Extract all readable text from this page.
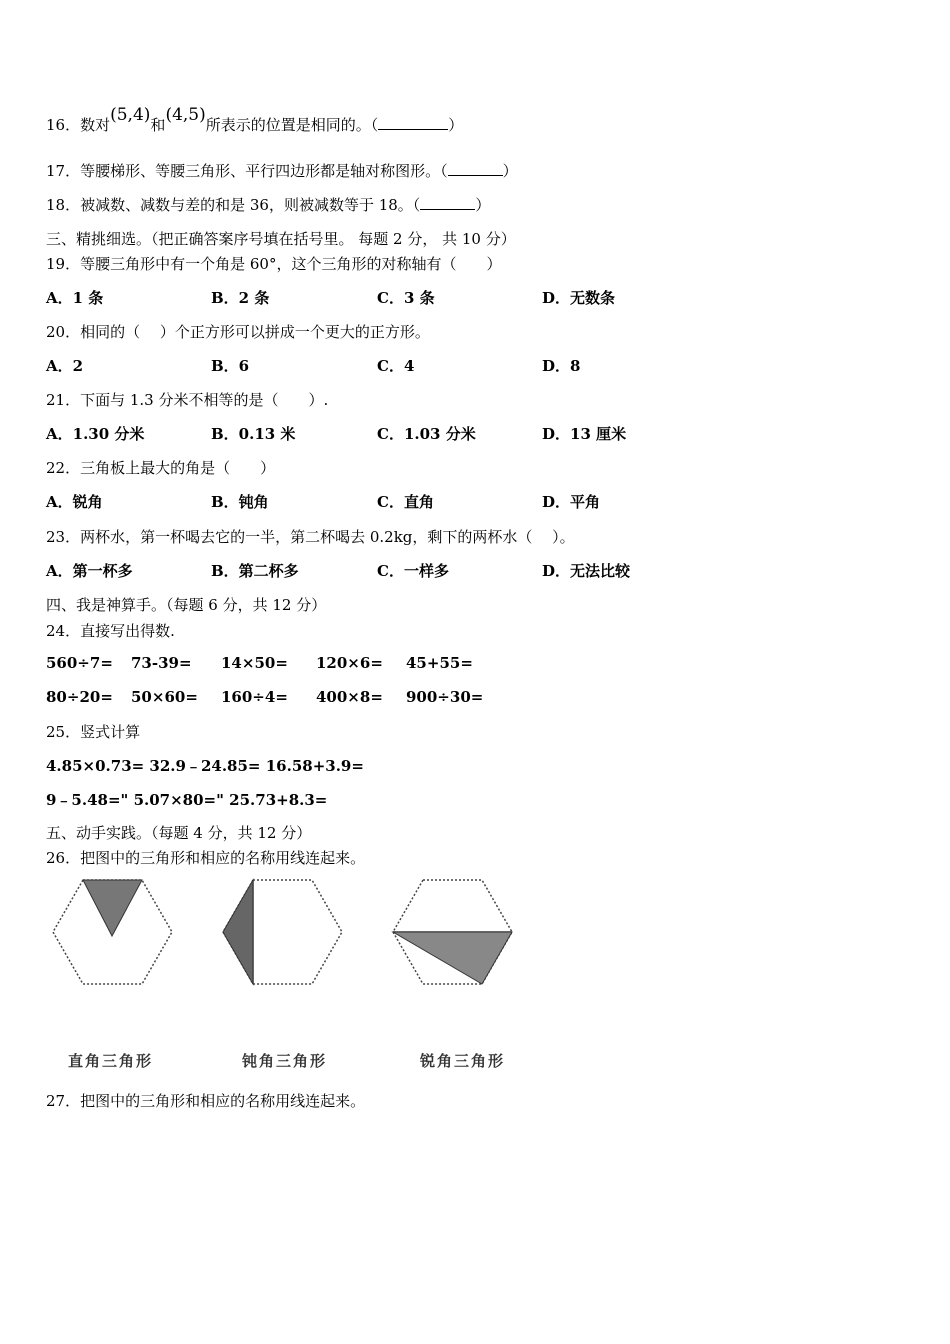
16．数对(5,4)和(4,5)所表示的位置是相同的。（	）
17．等腰梯形、等腰三角形、平行四边形都是轴对称图形。（	）
18．被减数、减数与差的和是 36，则被减数等于 18。（	）
三、精挑细选。（把正确答案序号填在括号里。 每题 2 分， 共 10 分）
19．等腰三角形中有一个角是 60°，这个三角形的对称轴有（　　）
A．1 条	B．2 条	C．3 条	D．无数条
20．相同的（　 ）个正方形可以拼成一个更大的正方形。
A．2	B．6	C．4	D．8
21．下面与 1.3 分米不相等的是（　　）.
A．1.30 分米	B．0.13 米	C．1.03 分米	D．13 厘米
22．三角板上最大的角是（　　）
A．锐角	B．钝角	C．直角	D．平角
23．两杯水，第一杯喝去它的一半，第二杯喝去 0.2kg，剩下的两杯水（　 ）。
A．第一杯多	B．第二杯多	C．一样多	D．无法比较
四、我是神算手。（每题 6 分，共 12 分）
24．直接写出得数.
560÷7= 73-39= 14×50= 120×6= 45+55=
80÷20= 50×60= 160÷4= 400×8= 900÷30=
25．竖式计算
4.85×0.73= 32.9﹣24.85= 16.58+3.9=
9﹣5.48=" 5.07×80=" 25.73+8.3=
五、动手实践。（每题 4 分，共 12 分）
26．把图中的三角形和相应的名称用线连起来。
直角三角形	钝角三角形	锐角三角形
27．把图中的三角形和相应的名称用线连起来。
